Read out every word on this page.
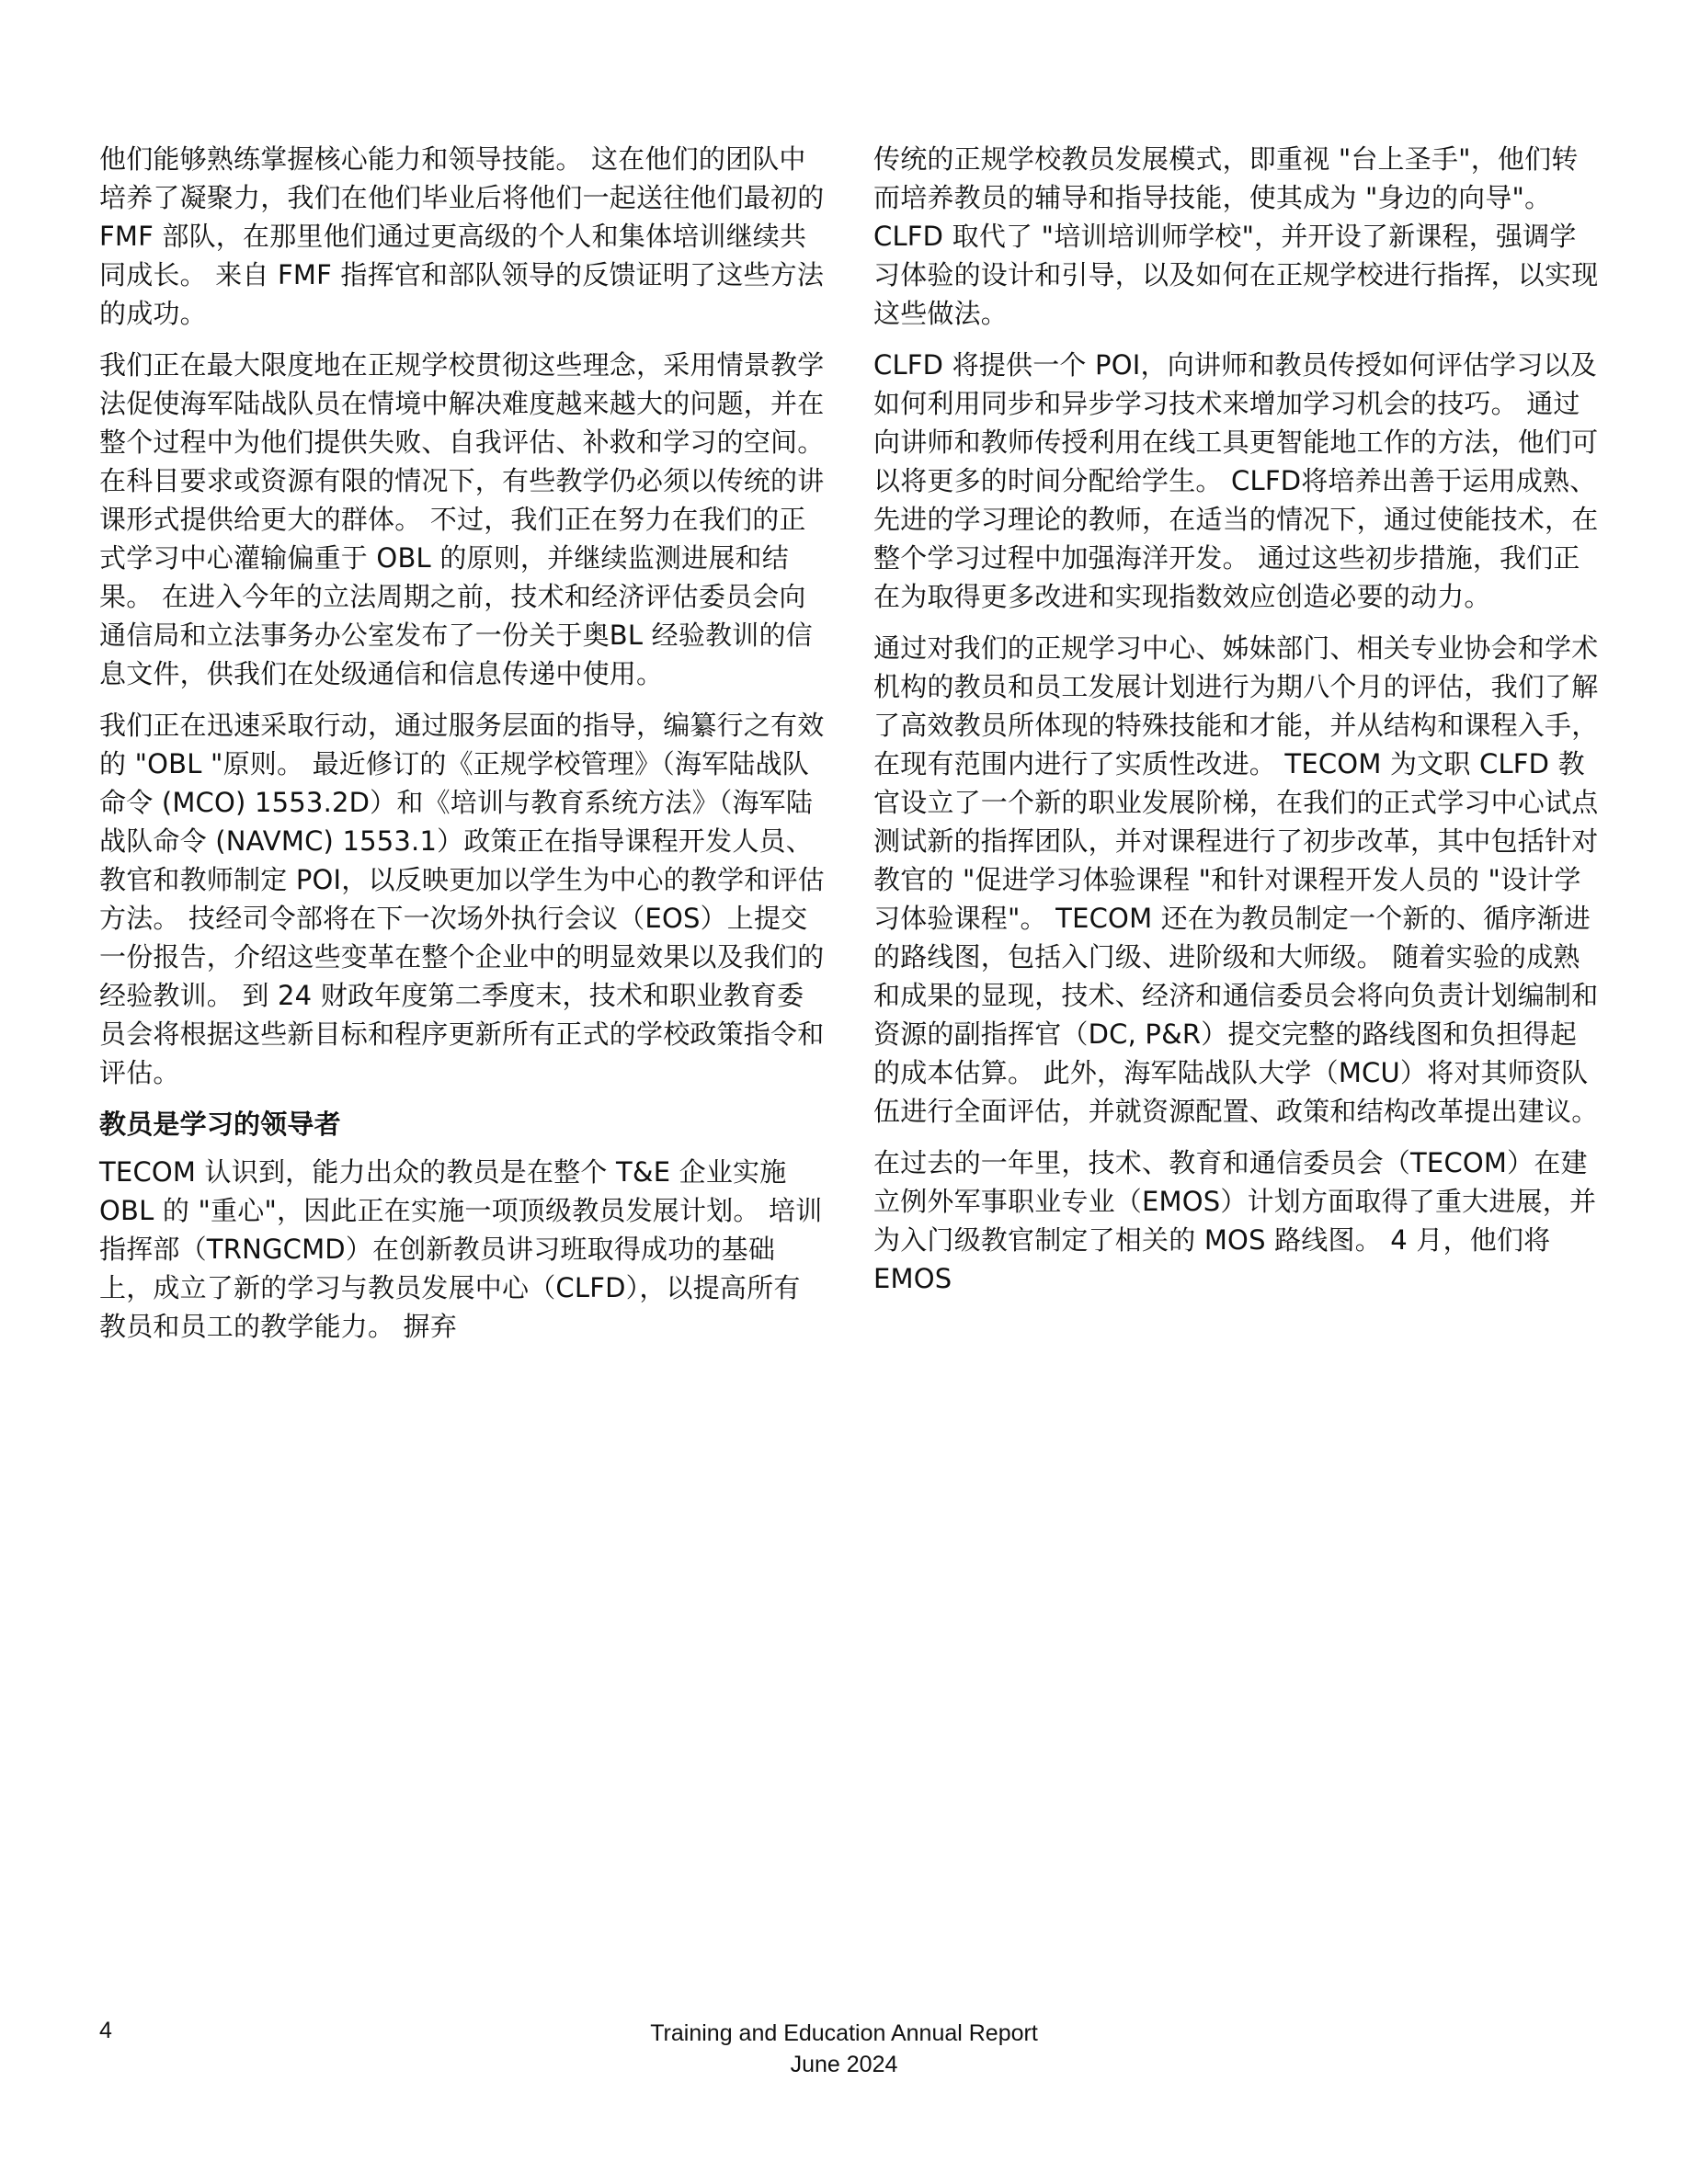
他们能够熟练掌握核心能力和领导技能。 这在他们的团队中培养了凝聚力，我们在他们毕业后将他们一起送往他们最初的 FMF 部队，在那里他们通过更高级的个人和集体培训继续共同成长。 来自 FMF 指挥官和部队领导的反馈证明了这些方法的成功。

我们正在最大限度地在正规学校贯彻这些理念，采用情景教学法促使海军陆战队员在情境中解决难度越来越大的问题，并在整个过程中为他们提供失败、自我评估、补救和学习的空间。 在科目要求或资源有限的情况下，有些教学仍必须以传统的讲课形式提供给更大的群体。 不过，我们正在努力在我们的正式学习中心灌输偏重于 OBL 的原则，并继续监测进展和结果。 在进入今年的立法周期之前，技术和经济评估委员会向通信局和立法事务办公室发布了一份关于奥BL 经验教训的信息文件，供我们在处级通信和信息传递中使用。

我们正在迅速采取行动，通过服务层面的指导，编纂行之有效的 "OBL "原则。 最近修订的《正规学校管理》（海军陆战队命令 (MCO) 1553.2D）和《培训与教育系统方法》（海军陆战队命令 (NAVMC) 1553.1）政策正在指导课程开发人员、教官和教师制定 POI，以反映更加以学生为中心的教学和评估方法。 技经司令部将在下一次场外执行会议（EOS）上提交一份报告，介绍这些变革在整个企业中的明显效果以及我们的经验教训。 到 24 财政年度第二季度末，技术和职业教育委员会将根据这些新目标和程序更新所有正式的学校政策指令和评估。

教员是学习的领导者

TECOM 认识到，能力出众的教员是在整个 T&E 企业实施 OBL 的 "重心"，因此正在实施一项顶级教员发展计划。 培训指挥部（TRNGCMD）在创新教员讲习班取得成功的基础上，成立了新的学习与教员发展中心（CLFD），以提高所有教员和员工的教学能力。 摒弃

传统的正规学校教员发展模式，即重视 "台上圣手"，他们转而培养教员的辅导和指导技能，使其成为 "身边的向导"。 CLFD 取代了 "培训培训师学校"，并开设了新课程，强调学习体验的设计和引导，以及如何在正规学校进行指挥，以实现这些做法。

CLFD 将提供一个 POI，向讲师和教员传授如何评估学习以及如何利用同步和异步学习技术来增加学习机会的技巧。 通过向讲师和教师传授利用在线工具更智能地工作的方法，他们可以将更多的时间分配给学生。 CLFD将培养出善于运用成熟、先进的学习理论的教师，在适当的情况下，通过使能技术，在整个学习过程中加强海洋开发。 通过这些初步措施，我们正在为取得更多改进和实现指数效应创造必要的动力。

通过对我们的正规学习中心、姊妹部门、相关专业协会和学术机构的教员和员工发展计划进行为期八个月的评估，我们了解了高效教员所体现的特殊技能和才能，并从结构和课程入手，在现有范围内进行了实质性改进。 TECOM 为文职 CLFD 教官设立了一个新的职业发展阶梯，在我们的正式学习中心试点测试新的指挥团队，并对课程进行了初步改革，其中包括针对教官的 "促进学习体验课程 "和针对课程开发人员的 "设计学习体验课程"。 TECOM 还在为教员制定一个新的、循序渐进的路线图，包括入门级、进阶级和大师级。 随着实验的成熟和成果的显现，技术、经济和通信委员会将向负责计划编制和资源的副指挥官（DC, P&R）提交完整的路线图和负担得起的成本估算。 此外，海军陆战队大学（MCU）将对其师资队伍进行全面评估，并就资源配置、政策和结构改革提出建议。

在过去的一年里，技术、教育和通信委员会（TECOM）在建立例外军事职业专业（EMOS）计划方面取得了重大进展，并为入门级教官制定了相关的 MOS 路线图。 4 月，他们将 EMOS

4	Training and Education Annual Report
June 2024
